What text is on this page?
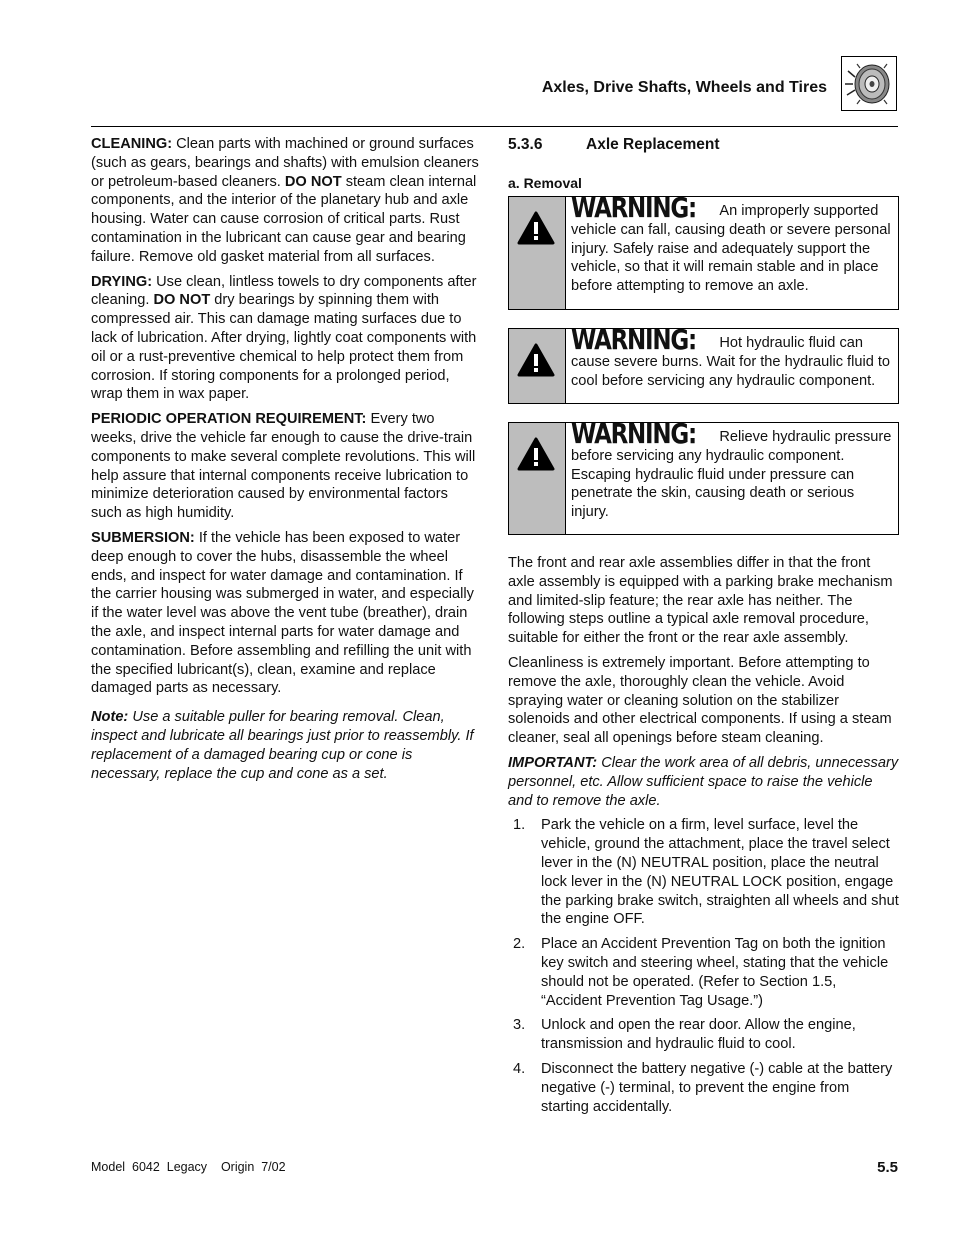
Axles, Drive Shafts, Wheels and Tires

CLEANING: Clean parts with machined or ground surfaces (such as gears, bearings and shafts) with emulsion cleaners or petroleum-based cleaners. DO NOT steam clean internal components, and the interior of the planetary hub and axle housing. Water can cause corrosion of critical parts. Rust contamination in the lubricant can cause gear and bearing failure. Remove old gasket material from all surfaces.

DRYING: Use clean, lintless towels to dry components after cleaning. DO NOT dry bearings by spinning them with compressed air. This can damage mating surfaces due to lack of lubrication. After drying, lightly coat components with oil or a rust-preventive chemical to help protect them from corrosion. If storing components for a prolonged period, wrap them in wax paper.

PERIODIC OPERATION REQUIREMENT: Every two weeks, drive the vehicle far enough to cause the drive-train components to make several complete revolutions. This will help assure that internal components receive lubrication to minimize deterioration caused by environmental factors such as high humidity.

SUBMERSION: If the vehicle has been exposed to water deep enough to cover the hubs, disassemble the wheel ends, and inspect for water damage and contamination. If the carrier housing was submerged in water, and especially if the water level was above the vent tube (breather), drain the axle, and inspect internal parts for water damage and contamination. Before assembling and refilling the unit with the specified lubricant(s), clean, examine and replace damaged parts as necessary.

Note: Use a suitable puller for bearing removal. Clean, inspect and lubricate all bearings just prior to reassembly. If replacement of a damaged bearing cup or cone is necessary, replace the cup and cone as a set.

5.3.6	Axle Replacement
a. Removal
WARNING: An improperly supported vehicle can fall, causing death or severe personal injury. Safely raise and adequately support the vehicle, so that it will remain stable and in place before attempting to remove an axle.
WARNING: Hot hydraulic fluid can cause severe burns. Wait for the hydraulic fluid to cool before servicing any hydraulic component.
WARNING: Relieve hydraulic pressure before servicing any hydraulic component. Escaping hydraulic fluid under pressure can penetrate the skin, causing death or serious injury.

The front and rear axle assemblies differ in that the front axle assembly is equipped with a parking brake mechanism and limited-slip feature; the rear axle has neither. The following steps outline a typical axle removal procedure, suitable for either the front or the rear axle assembly.

Cleanliness is extremely important. Before attempting to remove the axle, thoroughly clean the vehicle. Avoid spraying water or cleaning solution on the stabilizer solenoids and other electrical components. If using a steam cleaner, seal all openings before steam cleaning.

IMPORTANT: Clear the work area of all debris, unnecessary personnel, etc. Allow sufficient space to raise the vehicle and to remove the axle.

1.	Park the vehicle on a firm, level surface, level the vehicle, ground the attachment, place the travel select lever in the (N) NEUTRAL position, place the neutral lock lever in the (N) NEUTRAL LOCK position, engage the parking brake switch, straighten all wheels and shut the engine OFF.
2.	Place an Accident Prevention Tag on both the ignition key switch and steering wheel, stating that the vehicle should not be operated. (Refer to Section 1.5, “Accident Prevention Tag Usage.”)
3.	Unlock and open the rear door. Allow the engine, transmission and hydraulic fluid to cool.
4.	Disconnect the battery negative (-) cable at the battery negative (-) terminal, to prevent the engine from starting accidentally.
Model  6042  Legacy    Origin  7/02	5.5
